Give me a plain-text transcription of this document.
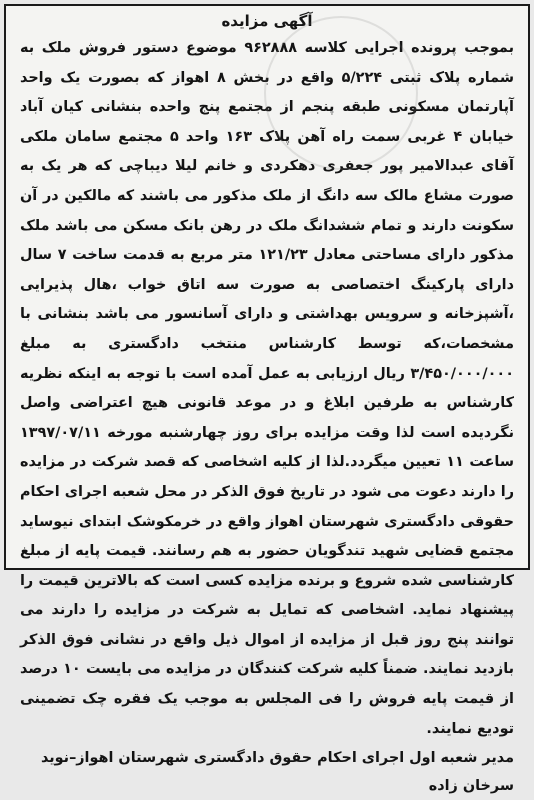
آگهی مزایده

بموجب پرونده اجرایی کلاسه ۹۶۲۸۸۸ موضوع دستور فروش ملک به شماره پلاک ثبتی ۵/۲۲۴ واقع در بخش ۸ اهواز که بصورت یک واحد آپارتمان مسکونی طبقه پنجم از مجتمع پنج واحده بنشانی کیان آباد خیابان ۴ غربی سمت راه آهن پلاک ۱۶۳ واحد ۵ مجتمع سامان ملکی آقای عبدالامیر پور جعفری دهکردی و خانم لیلا دیباچی که هر یک به صورت مشاع مالک سه دانگ از ملک مذکور می باشند که مالکین در آن سکونت دارند و تمام ششدانگ ملک در رهن بانک مسکن می باشد ملک مذکور دارای مساحتی معادل ۱۲۱/۲۳ متر مربع به قدمت ساخت ۷ سال دارای پارکینگ اختصاصی به صورت سه اتاق خواب ،هال پذیرایی ،آشپزخانه و سرویس بهداشتی و دارای آسانسور می باشد بنشانی با مشخصات،که توسط کارشناس منتخب دادگستری به مبلغ ۳/۴۵۰/۰۰۰/۰۰۰ ریال ارزیابی به عمل آمده است با توجه به اینکه نظریه کارشناس به طرفین ابلاغ و در موعد قانونی هیچ اعتراضی واصل نگردیده است لذا وقت مزایده برای روز چهارشنبه مورخه ۱۳۹۷/۰۷/۱۱ ساعت ۱۱ تعیین میگردد.لذا از کلیه اشخاصی که قصد شرکت در مزایده را دارند دعوت می شود در تاریخ فوق الذکر در محل شعبه اجرای احکام حقوقی دادگستری شهرستان اهواز واقع در خرمکوشک ابتدای نیوساید مجتمع قضایی شهید تندگویان حضور به هم رسانند. قیمت پایه از مبلغ کارشناسی شده شروع و برنده مزایده کسی است که بالاترین قیمت را پیشنهاد نماید. اشخاصی که تمایل به شرکت در مزایده را دارند می توانند پنج روز قبل از مزایده از اموال ذیل واقع در نشانی فوق الذکر بازدید نمایند. ضمناً کلیه شرکت کنندگان در مزایده می بایست ۱۰ درصد از قیمت پایه فروش را فی المجلس به موجب یک فقره چک تضمینی تودیع نمایند.

مدیر شعبه اول اجرای احکام حقوق دادگستری شهرستان اهواز–نوید سرخان زاده
